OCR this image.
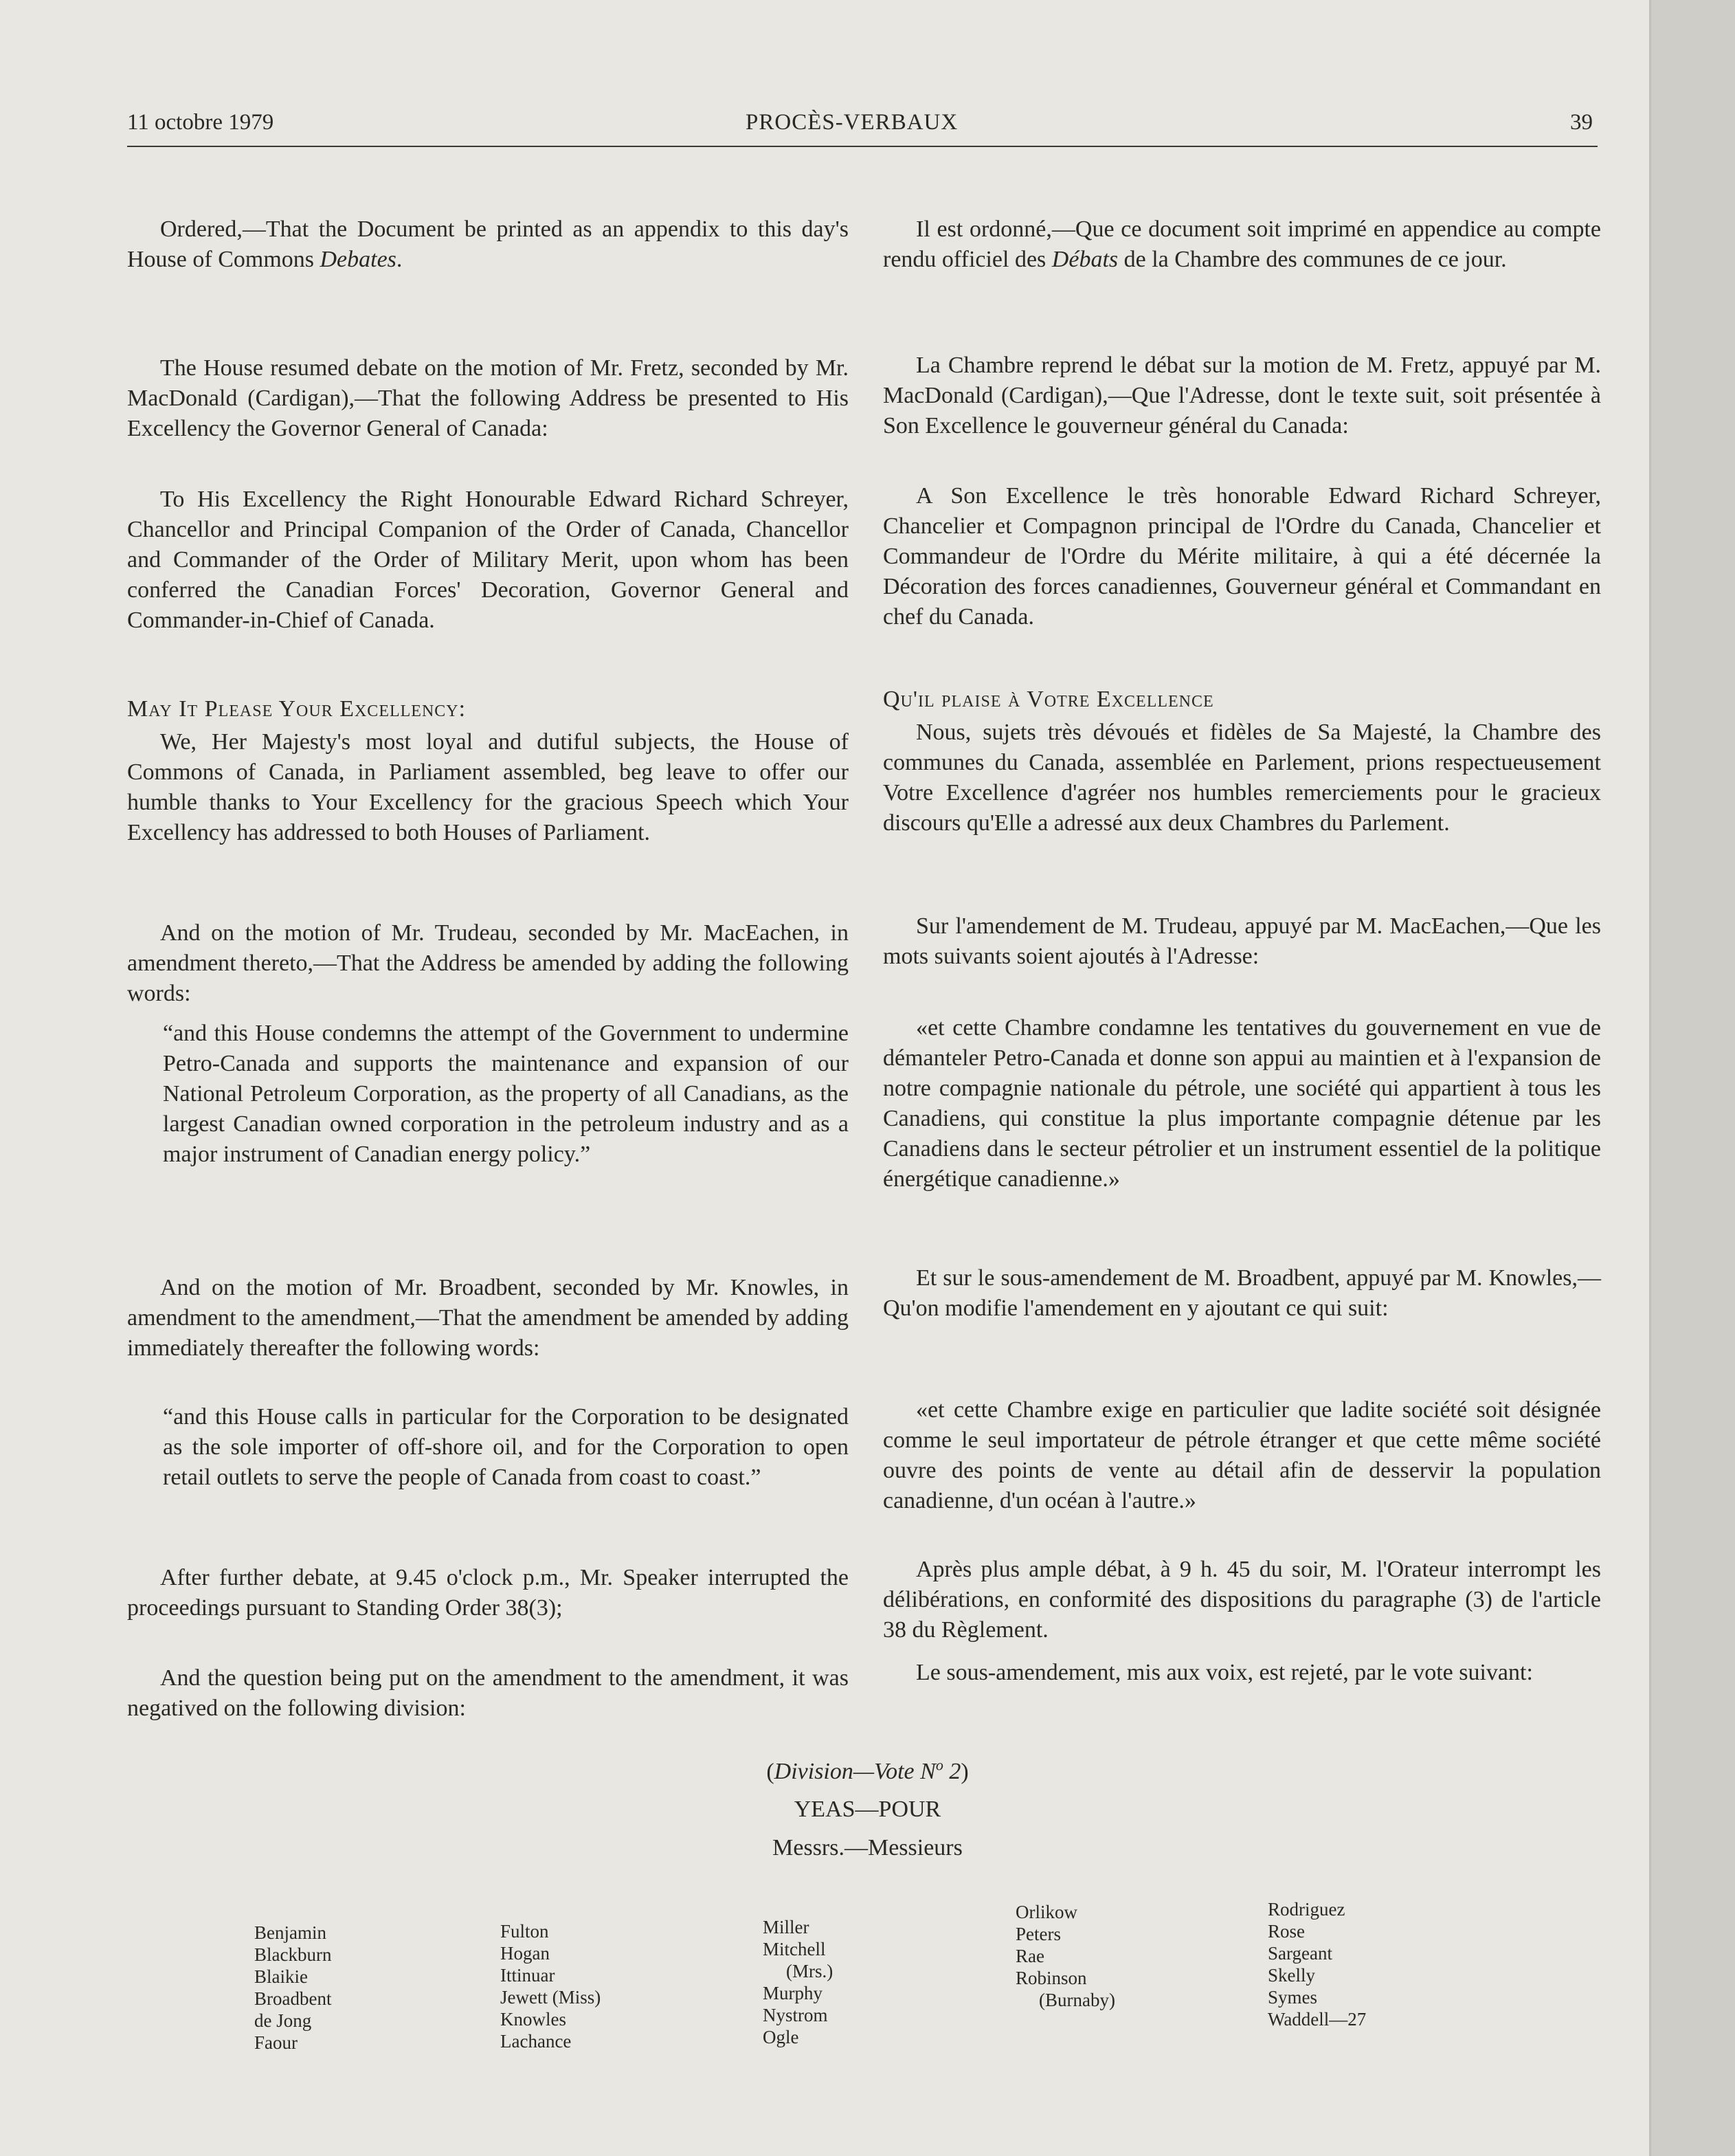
11 octobre 1979	PROCÈS-VERBAUX	39

Ordered,—That the Document be printed as an appendix to this day's House of Commons Debates.

The House resumed debate on the motion of Mr. Fretz, seconded by Mr. MacDonald (Cardigan),—That the following Address be presented to His Excellency the Governor General of Canada:

To His Excellency the Right Honourable Edward Richard Schreyer, Chancellor and Principal Companion of the Order of Canada, Chancellor and Commander of the Order of Military Merit, upon whom has been conferred the Canadian Forces' Decoration, Governor General and Commander-in-Chief of Canada.

May It Please Your Excellency:

We, Her Majesty's most loyal and dutiful subjects, the House of Commons of Canada, in Parliament assembled, beg leave to offer our humble thanks to Your Excellency for the gracious Speech which Your Excellency has addressed to both Houses of Parliament.

And on the motion of Mr. Trudeau, seconded by Mr. MacEachen, in amendment thereto,—That the Address be amended by adding the following words:

“and this House condemns the attempt of the Government to undermine Petro-Canada and supports the maintenance and expansion of our National Petroleum Corporation, as the property of all Canadians, as the largest Canadian owned corporation in the petroleum industry and as a major instrument of Canadian energy policy.”

And on the motion of Mr. Broadbent, seconded by Mr. Knowles, in amendment to the amendment,—That the amendment be amended by adding immediately thereafter the following words:

“and this House calls in particular for the Corporation to be designated as the sole importer of off-shore oil, and for the Corporation to open retail outlets to serve the people of Canada from coast to coast.”

After further debate, at 9.45 o'clock p.m., Mr. Speaker interrupted the proceedings pursuant to Standing Order 38(3);

And the question being put on the amendment to the amendment, it was negatived on the following division:

Il est ordonné,—Que ce document soit imprimé en appendice au compte rendu officiel des Débats de la Chambre des communes de ce jour.

La Chambre reprend le débat sur la motion de M. Fretz, appuyé par M. MacDonald (Cardigan),—Que l'Adresse, dont le texte suit, soit présentée à Son Excellence le gouverneur général du Canada:

A Son Excellence le très honorable Edward Richard Schreyer, Chancelier et Compagnon principal de l'Ordre du Canada, Chancelier et Commandeur de l'Ordre du Mérite militaire, à qui a été décernée la Décoration des forces canadiennes, Gouverneur général et Commandant en chef du Canada.

Qu'il plaise à Votre Excellence

Nous, sujets très dévoués et fidèles de Sa Majesté, la Chambre des communes du Canada, assemblée en Parlement, prions respectueusement Votre Excellence d'agréer nos humbles remerciements pour le gracieux discours qu'Elle a adressé aux deux Chambres du Parlement.

Sur l'amendement de M. Trudeau, appuyé par M. MacEachen,—Que les mots suivants soient ajoutés à l'Adresse:

«et cette Chambre condamne les tentatives du gouvernement en vue de démanteler Petro-Canada et donne son appui au maintien et à l'expansion de notre compagnie nationale du pétrole, une société qui appartient à tous les Canadiens, qui constitue la plus importante compagnie détenue par les Canadiens dans le secteur pétrolier et un instrument essentiel de la politique énergétique canadienne.»

Et sur le sous-amendement de M. Broadbent, appuyé par M. Knowles,—Qu'on modifie l'amendement en y ajoutant ce qui suit:

«et cette Chambre exige en particulier que ladite société soit désignée comme le seul importateur de pétrole étranger et que cette même société ouvre des points de vente au détail afin de desservir la population canadienne, d'un océan à l'autre.»

Après plus ample débat, à 9 h. 45 du soir, M. l'Orateur interrompt les délibérations, en conformité des dispositions du paragraphe (3) de l'article 38 du Règlement.

Le sous-amendement, mis aux voix, est rejeté, par le vote suivant:

(Division—Vote $N^o$ 2)
YEAS—POUR
Messrs.—Messieurs
Benjamin
Blackburn
Blaikie
Broadbent
de Jong
Faour
Fulton
Hogan
Ittinuar
Jewett (Miss)
Knowles
Lachance
Miller
Mitchell
(Mrs.)
Murphy
Nystrom
Ogle
Orlikow
Peters
Rae
Robinson
(Burnaby)
Rodriguez
Rose
Sargeant
Skelly
Symes
Waddell—27
